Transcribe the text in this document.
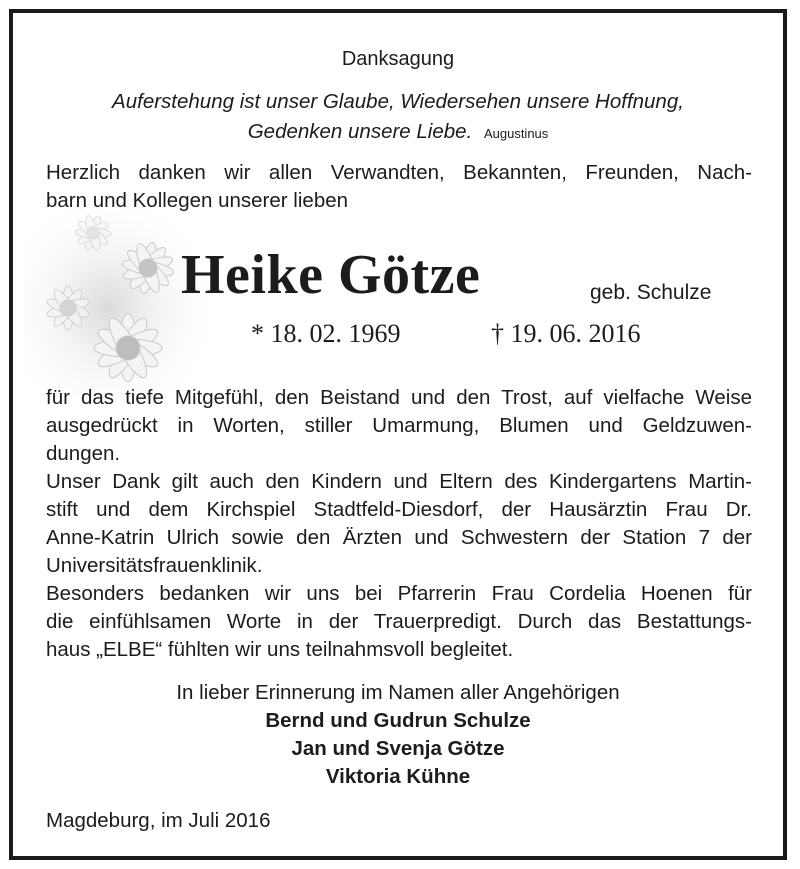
Danksagung
Auferstehung ist unser Glaube, Wiedersehen unsere Hoffnung,
Gedenken unsere Liebe. Augustinus
Herzlich danken wir allen Verwandten, Bekannten, Freunden, Nach-
barn und Kollegen unserer lieben
Heike Götze	geb. Schulze
* 18. 02. 1969	† 19. 06. 2016
für das tiefe Mitgefühl, den Beistand und den Trost, auf vielfache Weise
ausgedrückt in Worten, stiller Umarmung, Blumen und Geldzuwen-
dungen.
Unser Dank gilt auch den Kindern und Eltern des Kindergartens Martin-
stift und dem Kirchspiel Stadtfeld-Diesdorf, der Hausärztin Frau Dr.
Anne-Katrin Ulrich sowie den Ärzten und Schwestern der Station 7 der
Universitätsfrauenklinik.
Besonders bedanken wir uns bei Pfarrerin Frau Cordelia Hoenen für
die einfühlsamen Worte in der Trauerpredigt. Durch das Bestattungs-
haus „ELBE“ fühlten wir uns teilnahmsvoll begleitet.
In lieber Erinnerung im Namen aller Angehörigen
Bernd und Gudrun Schulze
Jan und Svenja Götze
Viktoria Kühne
Magdeburg, im Juli 2016
